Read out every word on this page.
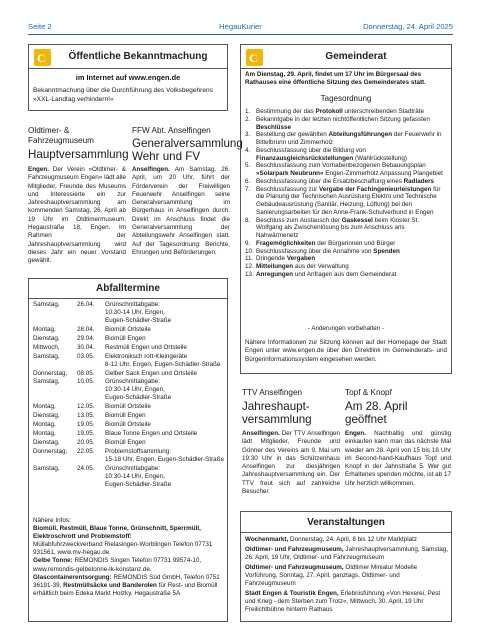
Seite 2	HegauKurier	Donnerstag, 24. April 2025
C	Öffentliche Bekanntmachung
im Internet auf www.engen.de
Bekanntmachung über die Durchführung des Volksbegehrens »XXL-Landtag verhindern!«
Oldtimer- & Fahrzeugmuseum
Hauptversammlung
Engen. Der Verein »Oldtimer- & Fahrzeugmuseum Engen« lädt alle Mitglieder, Freunde des Museums und Interessierte ein zur Jahreshauptversammlung am kommenden Samstag, 26. April ab 19 Uhr im Oldtimermuseum, Hegaustraße 18, Engen. Im Rahmen der Jahreshauptversammlung wird dieses Jahr ein neuer Vorstand gewählt.
FFW Abt. Anselfingen
Generalversammlung Wehr und FV
Anselfingen. Am Samstag, 26. April, um 20 Uhr, führt der Förderverein der Freiwilligen Feuerwehr Anselfingen seine Generalversammlung im Bürgerhaus in Anselfingen durch. Direkt im Anschluss findet die Generalversammlung der Abteilungswehr Anselfingen statt. Auf der Tagesordnung: Berichte, Ehrungen und Beförderungen.
Abfalltermine
Samstag,	26.04. Grünschnittabgabe:
10:30-14 Uhr, Engen,
Eugen-Schädler-Straße
Montag,	28.04. Biomüll Ortsteile
Dienstag,	29.04. Biomüll Engen
Mittwoch,	30.04. Restmüll Engen und Ortsteile
Samstag,	03.05. Elektroniksch rott-Kleingeräte
8-12 Uhr, Engen, Eugen-Schädler-Straße
Donnerstag, 08.05. Gelber Sack Engen und Ortsteile
Samstag,	10.05. Grünschnittabgabe:
10:30-14 Uhr, Engen,
Eugen-Schädler-Straße
Montag,	12.05. Biomüll Ortsteile
Dienstag,	13.05. Biomüll Engen
Montag,	19.05. Biomüll Ortsteile
Montag,	19.05. Blaue Tonne Engen und Ortsteile
Dienstag,	20.05. Biomüll Engen
Donnerstag, 22.05. Problemstoffsammlung:
15-18 Uhr, Engen, Eugen-Schädler-Straße
Samstag,	24.05. Grünschnittabgabe:
10:30-14 Uhr, Engen,
Eugen-Schädler-Straße
Nähere Infos:
Biomüll, Restmüll, Blaue Tonne, Grünschnitt, Sperrmüll, Elektroschrott und Problemstoff:
Müllabfuhrzweckverband Rielasingen-Worblingen Telefon 07731 931561, www.mv-hegau.de
Gelbe Tonne: REMONDIS Singen Telefon 07731 99574-10, www.remondis-gelbetonne-lk-konstanz.de.
Glascontainerentsorgung: REMONDIS Süd GmbH, Telefon 0751 36191-39, Restmüllsäcke und Banderolen für Rest- und Biomüll erhältlich beim Edeka Markt Holzky, Hegaustraße 5A
C	Gemeinderat
Am Dienstag, 29. April, findet um 17 Uhr im Bürgersaal des Rathauses eine öffentliche Sitzung des Gemeinderates statt.
Tagesordnung
1. Bestimmung der das Protokoll unterschreibenden Stadträte
2. Bekanntgabe in der letzten nichtöffentlichen Sitzung gefassten Beschlüsse
3. Bestellung der gewählten Abteilungsführungen der Feuerwehr in Bittelbrunn und Zimmerholz
4. Beschlussfassung über die Bildung von Finanzausgleichsrückstellungen (Wahlrückstellung)
5. Beschlussfassung zum Vorhabenbezogenen Bebauungsplan »Solarpark Neubrunn« Engen-Zimmerholz Anpassung Plangebiet
6. Beschlussfassung über die Ersatzbeschaffung eines Radladers
7. Beschlussfassung zur Vergabe der Fachingenieurleistungen für die Planung der Technischen Ausrüstung Elektro und Technische Gebäudeausrüstung (Sanitär, Heizung, Lüftung) bei den Sanierungsarbeiten für den Anne-Frank-Schulverbund in Engen
8. Beschluss zum Austausch der Gaskessel beim Kloster St. Wolfgang als Zwischenlösung bis zum Anschluss ans Nahwärmenetz
9. Fragemöglichkeiten der Bürgerinnen und Bürger
10. Beschlussfassung über die Annahme von Spenden
11. Dringende Vergaben
12. Mitteilungen aus der Verwaltung
13. Anregungen und Anfragen aus dem Gemeinderat
- Anderungen vorbehalten -
Nähere Informationen zur Sitzung können auf der Homepage der Stadt Engen unter www.engen.de über den Direktlink im Gemeinderats- und Bürgerinformationssystem eingesehen werden.
TTV Anselfingen
Jahreshaupt-versammlung
Anselfingen. Der TTV Anselfingen lädt Mitglieder, Freunde und Gönner des Vereins am 9. Mai um 19:30 Uhr in das Schützenhaus Anselfingen zur diesjährigen Jahreshauptversammlung ein. Der TTV freut sich auf zahlreiche Besucher.
Topf & Knopf
Am 28. April geöffnet
Engen. Nachhaltig und günstig einkaufen kann man das nächste Mal wieder am 28. April von 15 bis 18 Uhr im Second-hand-Kaufhaus Topf und Knopf in der Jahnstraße 5. Wer gut Erhaltenes spenden möchte, ist ab 17 Uhr herzlich willkommen.
Veranstaltungen
Wochenmarkt, Donnerstag, 24. April, 8 bis 12 Uhr Marktplatz
Oldtimer- und Fahrzeugmuseum, Jahreshauptversammlung, Samstag, 26. April, 19 Uhr, Oldtimer- und Fahrzeugmuseum
Oldtimer- und Fahrzeugmuseum, Oldtimer Miniatur Modelle Vorführung, Sonntag, 27. April, ganztags, Oldtimer- und Fahrzeugmuseum
Stadt Engen & Touristik Engen, Erlebnisführung »Von Hexerei, Pest und Krieg - dem Sterben zum Trotz«, Mittwoch, 30. April, 19 Uhr Freilichtbühne hinterm Rathaus
